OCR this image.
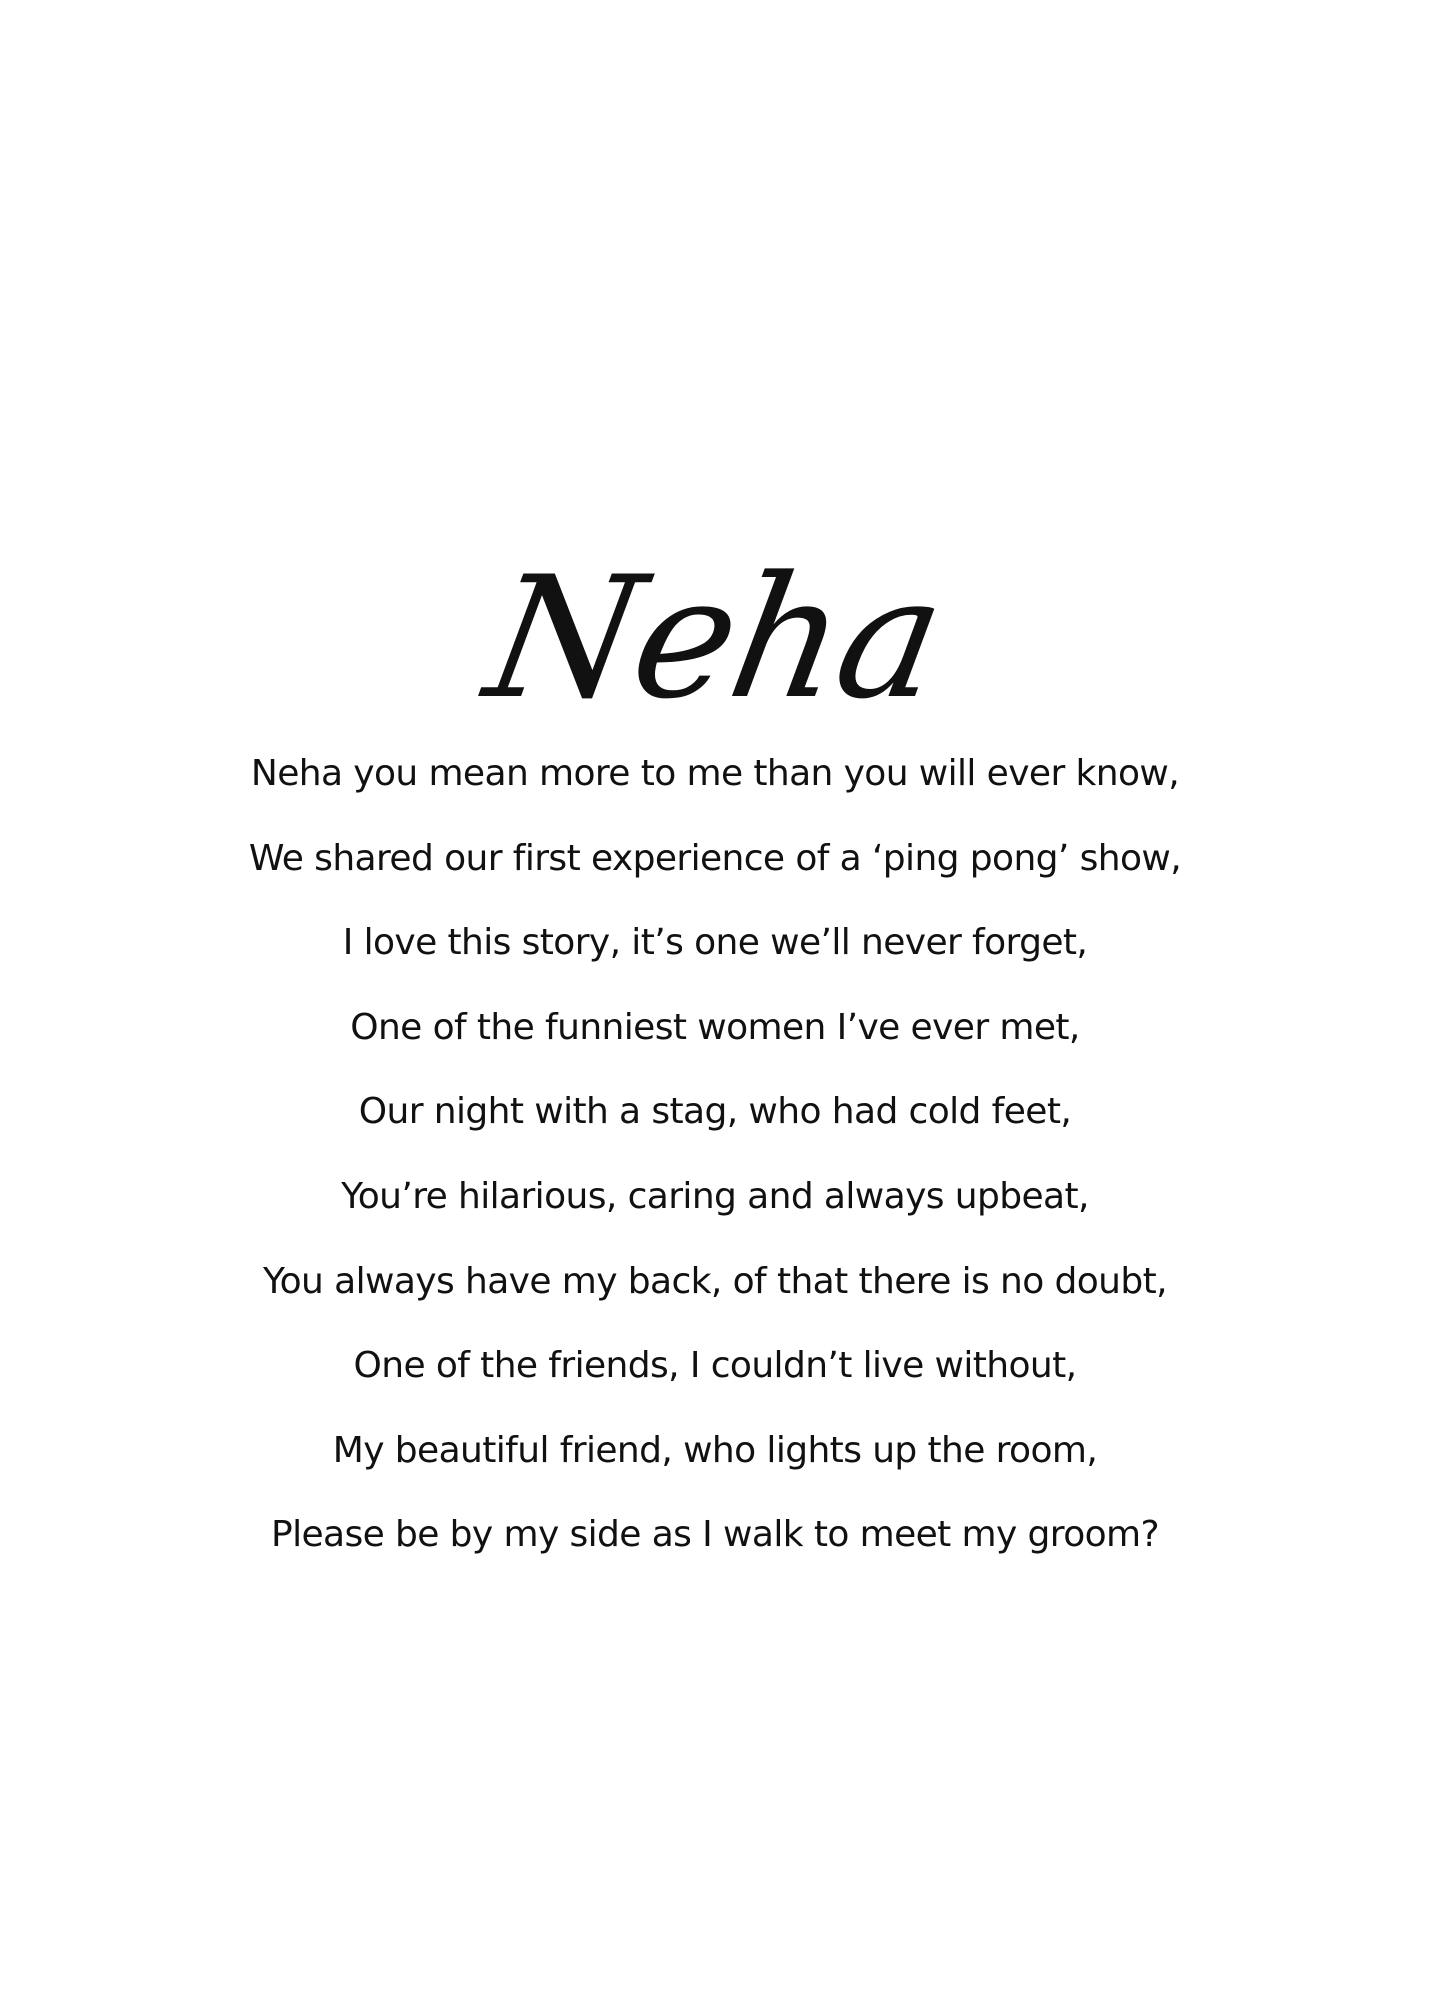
Neha
Neha you mean more to me than you will ever know,
We shared our first experience of a ‘ping pong’ show,
I love this story, it’s one we’ll never forget,
One of the funniest women I’ve ever met,
Our night with a stag, who had cold feet,
You’re hilarious, caring and always upbeat,
You always have my back, of that there is no doubt,
One of the friends, I couldn’t live without,
My beautiful friend, who lights up the room,
Please be by my side as I walk to meet my groom?
